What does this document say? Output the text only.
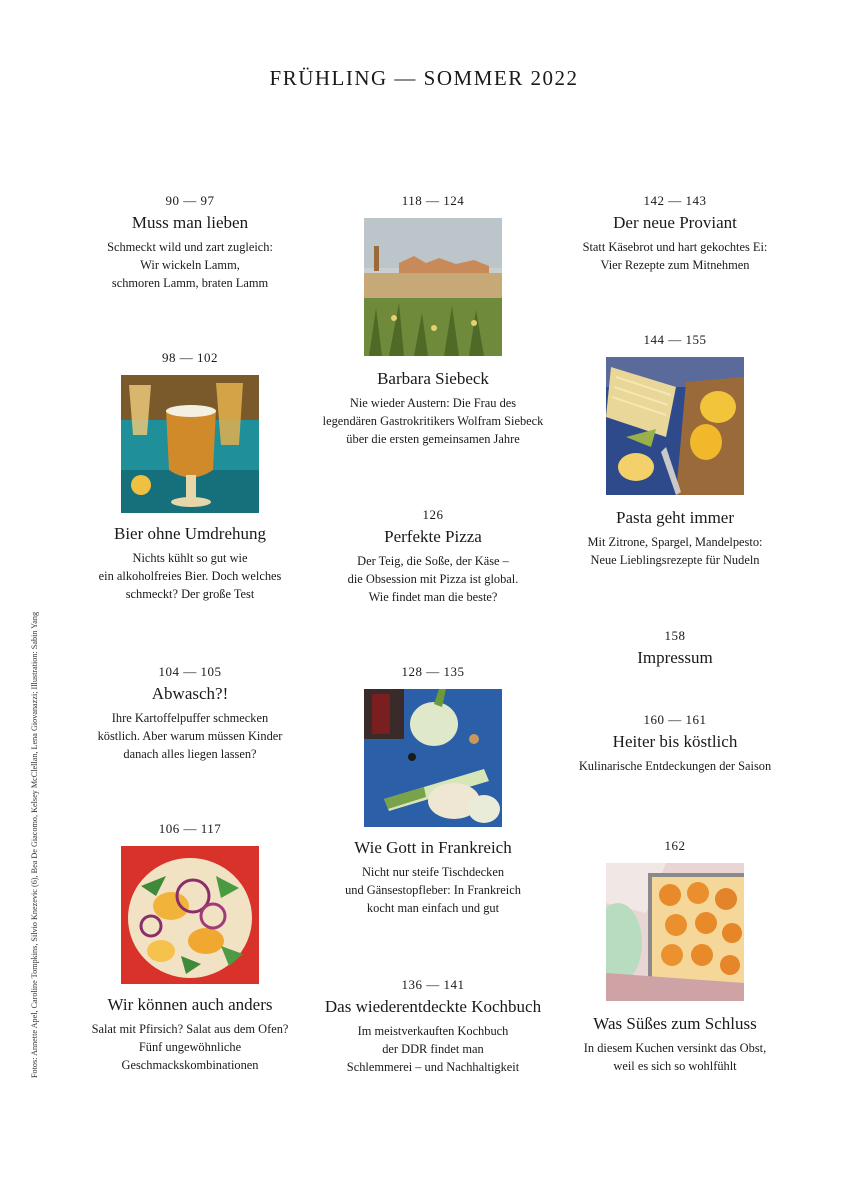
FRÜHLING — SOMMER 2022
Fotos: Annette Apel, Caroline Tompkins, Silvio Knezevic (6), Bea De Giacomo, Kelsey McClellan, Lena Giovanazzi; Illustration: Sabin Yang
90 — 97
Muss man lieben
Schmeckt wild und zart zugleich:
Wir wickeln Lamm,
schmoren Lamm, braten Lamm
98 — 102
Bier ohne Umdrehung
Nichts kühlt so gut wie
ein alkoholfreies Bier. Doch welches
schmeckt? Der große Test
104 — 105
Abwasch?!
Ihre Kartoffelpuffer schmecken
köstlich. Aber warum müssen Kinder
danach alles liegen lassen?
106 — 117
Wir können auch anders
Salat mit Pfirsich? Salat aus dem Ofen?
Fünf ungewöhnliche
Geschmackskombinationen
118 — 124
Barbara Siebeck
Nie wieder Austern: Die Frau des
legendären Gastrokritikers Wolfram Siebeck
über die ersten gemeinsamen Jahre
126
Perfekte Pizza
Der Teig, die Soße, der Käse –
die Obsession mit Pizza ist global.
Wie findet man die beste?
128 — 135
Wie Gott in Frankreich
Nicht nur steife Tischdecken
und Gänsestopfleber: In Frankreich
kocht man einfach und gut
136 — 141
Das wiederentdeckte Kochbuch
Im meistverkauften Kochbuch
der DDR findet man
Schlemmerei – und Nachhaltigkeit
142 — 143
Der neue Proviant
Statt Käsebrot und hart gekochtes Ei:
Vier Rezepte zum Mitnehmen
144 — 155
Pasta geht immer
Mit Zitrone, Spargel, Mandelpesto:
Neue Lieblingsrezepte für Nudeln
158
Impressum
160 — 161
Heiter bis köstlich
Kulinarische Entdeckungen der Saison
162
Was Süßes zum Schluss
In diesem Kuchen versinkt das Obst,
weil es sich so wohlfühlt
